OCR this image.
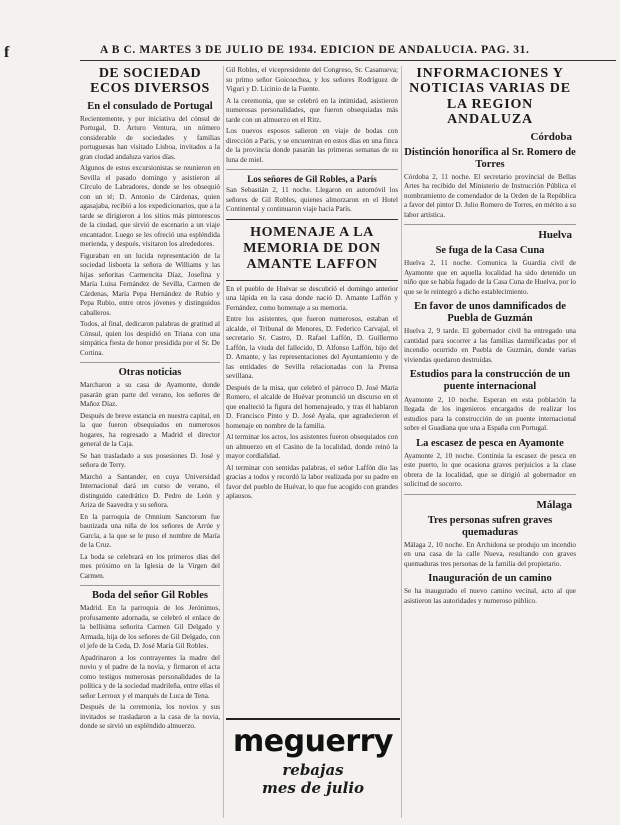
f	A B C. MARTES 3 DE JULIO DE 1934. EDICION DE ANDALUCIA. PAG. 31.
DE SOCIEDAD ECOS DIVERSOS
En el consulado de Portugal

Recientemente, y por iniciativa del cónsul de Portugal, D. Arturo Ventura, un número considerable de sociedades y familias portuguesas han visitado Lisboa, invitados a la gran ciudad andaluza varios días.

Algunos de estos excursionistas se reunieron en Sevilla el pasado domingo y asistieron al Círculo de Labradores, donde se les obsequió con un té; D. Antonio de Cárdenas, quien agasajaba, recibió a los expedicionarios, que a la tarde se dirigieron a los sitios más pintorescos de la ciudad, que sirvió de escenario a un viaje encantador. Luego se les ofreció una espléndida merienda, y después, visitaron los alrededores.

Figuraban en un lucida representación de la sociedad lisboeta la señora de Williams y las hijas señoritas Carmencita Díaz, Josefina y María Luisa Fernández de Sevilla, Carmen de Cárdenas, María Pepa Hernández de Rubio y Pepa Rubio, entre otros jóvenes y distinguidos caballeros.

Todos, al final, dedicaron palabras de gratitud al Cónsul, quien los despidió en Triana con una simpática fiesta de honor presidida por el Sr. De Cortina.

Otras noticias

Marcharon a su casa de Ayamonte, donde pasarán gran parte del verano, los señores de Mañoz Díaz.

Después de breve estancia en nuestra capital, en la que fueron obsequiados en numerosos hogares, ha regresado a Madrid el director general de la Caja.

Se han trasladado a sus posesiones D. José y señora de Terry.

Marchó a Santander, en cuya Universidad Internacional dará un curso de verano, el distinguido catedrático D. Pedro de León y Ariza de Saavedra y su señora.

En la parroquia de Omnium Sanctorum fue bautizada una niña de los señores de Arrúe y García, a la que se le puso el nombre de María de la Cruz.

La boda se celebrará en los primeros días del mes próximo en la Iglesia de la Virgen del Carmen.

Boda del señor Gil Robles

Madrid. En la parroquia de los Jerónimos, profusamente adornada, se celebró el enlace de la bellísima señorita Carmen Gil Delgado y Armada, hija de los señores de Gil Delgado, con el jefe de la Ceda, D. José María Gil Robles.

Apadrinaron a los contrayentes la madre del novio y el padre de la novia, y firmaron el acta como testigos numerosas personalidades de la política y de la sociedad madrileña, entre ellas el señor Lerroux y el marqués de Luca de Tena.

Después de la ceremonia, los novios y sus invitados se trasladaron a la casa de la novia, donde se sirvió un espléndido almuerzo.

Gil Robles, el vicepresidente del Congreso, Sr. Casanueva; su primo señor Goicoechea, y los señores Rodríguez de Viguri y D. Licinio de la Fuente.

A la ceremonia, que se celebró en la intimidad, asistieron numerosas personalidades, que fueron obsequiadas más tarde con un almuerzo en el Ritz.

Los nuevos esposos salieron en viaje de bodas con dirección a París, y se encuentran en estos días en una finca de la provincia donde pasarán las primeras semanas de su luna de miel.

Los señores de Gil Robles, a París

San Sebastián 2, 11 noche. Llegaron en automóvil los señores de Gil Robles, quienes almorzaron en el Hotel Continental y continuaron viaje hacia París.

HOMENAJE A LA MEMORIA DE DON AMANTE LAFFON

En el pueblo de Huévar se descubrió el domingo anterior una lápida en la casa donde nació D. Amante Laffón y Fernández, como homenaje a su memoria.

Entre los asistentes, que fueron numerosos, estaban el alcalde, el Tribunal de Menores, D. Federico Carvajal, el secretario Sr. Castro, D. Rafael Laffón, D. Guillermo Laffón, la viuda del fallecido, D. Alfonso Laffón, hijo del D. Amante, y las representaciones del Ayuntamiento y de las entidades de Sevilla relacionadas con la Prensa sevillana.

Después de la misa, que celebró el párroco D. José María Romero, el alcalde de Huévar pronunció un discurso en el que enalteció la figura del homenajeado, y tras él hablaron D. Francisco Pinto y D. José Ayala, que agradecieron el homenaje en nombre de la familia.

Al terminar los actos, los asistentes fueron obsequiados con un almuerzo en el Casino de la localidad, donde reinó la mayor cordialidad.

Al terminar con sentidas palabras, el señor Laffón dio las gracias a todos y recordó la labor realizada por su padre en favor del pueblo de Huévar, lo que fue acogido con grandes aplausos.

INFORMACIONES Y NOTICIAS VARIAS DE LA REGION ANDALUZA
Córdoba
Distinción honorífica al Sr. Romero de Torres

Córdoba 2, 11 noche. El secretario provincial de Bellas Artes ha recibido del Ministerio de Instrucción Pública el nombramiento de comendador de la Orden de la República a favor del pintor D. Julio Romero de Torres, en mérito a su labor artística.

Huelva
Se fuga de la Casa Cuna

Huelva 2, 11 noche. Comunica la Guardia civil de Ayamonte que en aquella localidad ha sido detenido un niño que se había fugado de la Casa Cuna de Huelva, por lo que se le reintegró a dicho establecimiento.

En favor de unos damnificados de Puebla de Guzmán

Huelva 2, 9 tarde. El gobernador civil ha entregado una cantidad para socorrer a las familias damnificadas por el incendio ocurrido en Puebla de Guzmán, donde varias viviendas quedaron destruidas.

Estudios para la construcción de un puente internacional

Ayamonte 2, 10 noche. Esperan en esta población la llegada de los ingenieros encargados de realizar los estudios para la construcción de un puente internacional sobre el Guadiana que una a España con Portugal.

La escasez de pesca en Ayamonte

Ayamonte 2, 10 noche. Continúa la escasez de pesca en este puerto, lo que ocasiona graves perjuicios a la clase obrera de la localidad, que se dirigió al gobernador en solicitud de socorro.

Málaga
Tres personas sufren graves quemaduras

Málaga 2, 10 noche. En Archidona se produjo un incendio en una casa de la calle Nueva, resultando con graves quemaduras tres personas de la familia del propietario.

Inauguración de un camino

Se ha inaugurado el nuevo camino vecinal, acto al que asistieron las autoridades y numeroso público.

meguerry
rebajas
mes de julio
